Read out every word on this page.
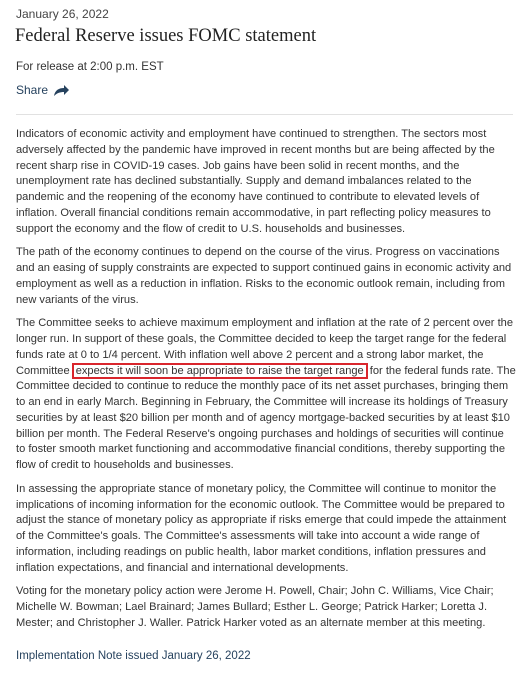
January 26, 2022
Federal Reserve issues FOMC statement
For release at 2:00 p.m. EST
Share

Indicators of economic activity and employment have continued to strengthen. The sectors most adversely affected by the pandemic have improved in recent months but are being affected by the recent sharp rise in COVID-19 cases. Job gains have been solid in recent months, and the unemployment rate has declined substantially. Supply and demand imbalances related to the pandemic and the reopening of the economy have continued to contribute to elevated levels of inflation. Overall financial conditions remain accommodative, in part reflecting policy measures to support the economy and the flow of credit to U.S. households and businesses.

The path of the economy continues to depend on the course of the virus. Progress on vaccinations and an easing of supply constraints are expected to support continued gains in economic activity and employment as well as a reduction in inflation. Risks to the economic outlook remain, including from new variants of the virus.

The Committee seeks to achieve maximum employment and inflation at the rate of 2 percent over the longer run. In support of these goals, the Committee decided to keep the target range for the federal funds rate at 0 to 1/4 percent. With inflation well above 2 percent and a strong labor market, the Committee expects it will soon be appropriate to raise the target range for the federal funds rate. The Committee decided to continue to reduce the monthly pace of its net asset purchases, bringing them to an end in early March. Beginning in February, the Committee will increase its holdings of Treasury securities by at least $20 billion per month and of agency mortgage-backed securities by at least $10 billion per month. The Federal Reserve's ongoing purchases and holdings of securities will continue to foster smooth market functioning and accommodative financial conditions, thereby supporting the flow of credit to households and businesses.

In assessing the appropriate stance of monetary policy, the Committee will continue to monitor the implications of incoming information for the economic outlook. The Committee would be prepared to adjust the stance of monetary policy as appropriate if risks emerge that could impede the attainment of the Committee's goals. The Committee's assessments will take into account a wide range of information, including readings on public health, labor market conditions, inflation pressures and inflation expectations, and financial and international developments.

Voting for the monetary policy action were Jerome H. Powell, Chair; John C. Williams, Vice Chair; Michelle W. Bowman; Lael Brainard; James Bullard; Esther L. George; Patrick Harker; Loretta J. Mester; and Christopher J. Waller. Patrick Harker voted as an alternate member at this meeting.

Implementation Note issued January 26, 2022
